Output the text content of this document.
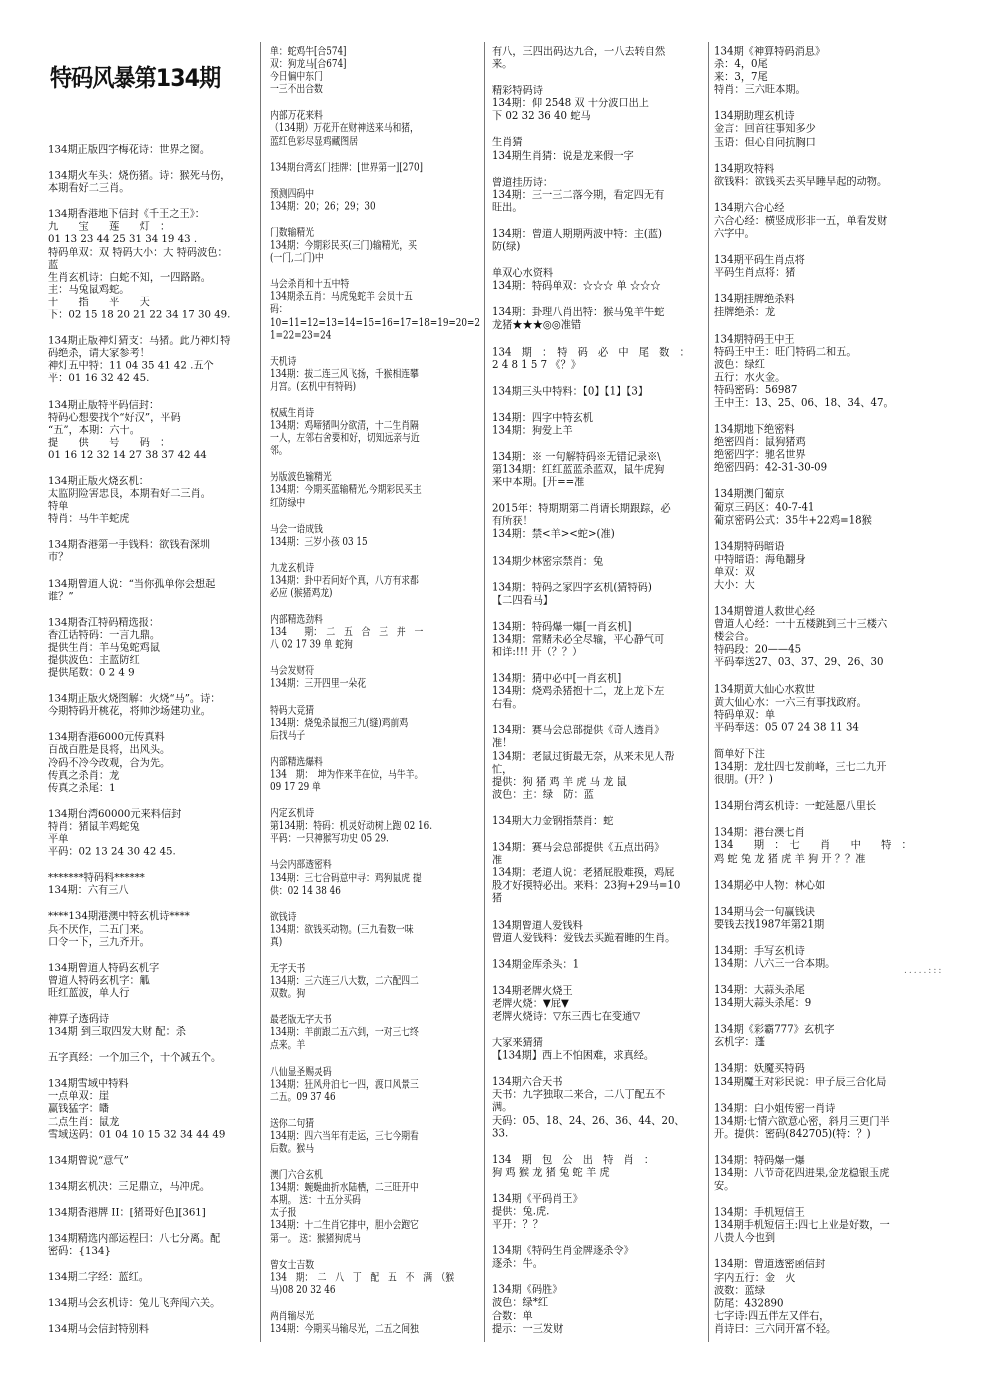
特码风暴第134期
.....:::
134期正版四字梅花诗：世界之窗。
134期火车头：烧伤猪。诗：猴死马伤，
本期看好二三肖。
134期香港地下信封《千王之王》：
九　　宝　　莲　　灯　：
01 13 23 44 25 31 34 19 43 .
特码单双：双 特码大小：大 特码波色：
蓝
生肖玄机诗：白蛇不知，一四路路。
主：马兔鼠鸡蛇。
十　　指　　平　　天
下：02 15 18 20 21 22 34 17 30 49.
134期正版神灯猜支：马猪。此乃神灯特
码绝杀，请大家参考！
神灯五中特：11 04 35 41 42 .五个
平：01 16 32 42 45.
134期正版特平码信封：
特码心想要找个“好汉”，平码
“五”，本期：六十。
提　　供　　号　　码　：
01 16 12 32 14 27 38 37 42 44
134期正版火烧玄机：
太监阴险害忠良，本期看好二三肖。
特单
特肖：马牛羊蛇虎
134期香港第一手钱料：欲钱看深圳
市？
134期曾道人说：“当你孤单你会想起
谁？”
134期香江特码精选报：
香江话特码：一言九鼎。
提供生肖：羊马兔蛇鸡鼠
提供波色：主蓝防红
提供尾数：0 2 4 9
134期正版火烧图解：火烧“马”。诗：
今期特码开桃花，将帅沙场建功业。
134期香港6000元传真料
百战百胜是良将，出风头。
冷码不冷今改观，合为先。
传真之杀肖：龙
传真之杀尾：1
134期台湾60000元来料信封
特肖：猪鼠羊鸡蛇兔
平单
平码：02 13 24 30 42 45.
*******特码料******
134期：六有三八
****134期港澳中特玄机诗****
兵不厌作，二五门来。
口令一下，三九齐开。
134期曾道人特码玄机字
曾道人特码玄机字：觚
旺红蓝波，单人行
神算子透码诗
134期 到三取四发大财 配：杀
五字真经：一个加三个，十个减五个。
134期雪域中特料
一点单双：崖
赢钱猛字：皤
二点生肖：鼠龙
雪域送码：01 04 10 15 32 34 44 49
134期曾说“意气”
134期玄机决：三足鼎立，马冲虎。
134期香港牌 II：[猪哥好色][361]
134期精选内部运程曰：八七分离。配
密码：{134}
134期二字经：蓝红。
134期马会玄机诗：兔儿飞奔闯六关。
134期马会信封特别料
单：蛇鸡牛[合574]
双：狗龙马[合674]
今日偏中东门
一三不出合数
内部万花来料
（134期）万花开在财神送来马和猪，
蓝红色彩尽显鸡藏图居
134期台湾玄门挂牌：[世界第一][270]
预测四码中
134期：20；26；29；30
门数输精光
134期：今期彩民买(三门)输精光，买
(一门,二门)中
马会杀肖和十五中特
134期杀五肖：马虎兔蛇羊 会员十五
码：
10=11=12=13=14=15=16=17=18=19=20=2
1=22=23=24
天机诗
134期：拔二连三风飞扬，千猴相连攀
月宫。(玄机中有特码)
权威生肖诗
134期：鸡啼猪叫分欲清，十二生肖隔
一人，左邻右舍要和好，切知远亲与近
邻。
另版波色输精光
134期：今期买蓝输精光,今期彩民买主
红防绿中
马会一语成钱
134期：三岁小孩 03 15
九龙玄机诗
134期：卦中若问好个真，八方有求都
必应 (猴猪鸡龙)
内部精选劲料
134　　期：　二　五　合　三　并　一
八 02 17 39 单 蛇狗
马会发财符
134期：三开四里一朵花
特码大竞猜
134期：烧兔杀鼠抱三九(缝)鸡前鸡
后找马子
内部精选爆料
134　期：　坤为作来羊在位，马牛羊。
09 17 29 单
内定玄机诗
第134期：特码：机灵好动树上跑 02 16.
平码：一只神猴写功史 05 29.
马会内部透密料
134期：三七合码意中寻：鸡狗鼠虎 提
供：02 14 38 46
欲钱诗
134期：欲钱买动物。(三九看数一味
真)
无字天书
134期：三六连三八大数，二六配四二
双数。狗
最老版无字天书
134期：羊前跟二五六到，一对三七终
点来。羊
八仙显圣赐灵码
134期：狂风舟泊七一四，渡口风景三
二五。09 37 46
送你二句猜
134期：四六当年有走运，三七今期看
后数。猴马
澳门六合玄机
134期：蜿蜒曲折水陆栖，二三旺开中
本期。 送：十五分买码
太子报
134期：十二生肖它排中，胆小会跑它
第一。 送：猴猪狗虎马
曾女士吉数
134　期：　二　八　丁　配　五　不　满　（猴
马)08 20 32 46
两肖输尽光
134期：今期买马输尽光，二五之间独
有八，三四出码达九合，一八去转自然
来。
精彩特码诗
134期：仰 2548 双 十分波口出上
下 02 32 36 40 蛇马
生肖猜
134期生肖猜：说是龙来假一字
曾道挂历诗：
134期：三一三二落今期，看定四无有
旺出。
134期：曾道人期期两波中特：主(蓝)
防(绿)
单双心水资料
134期：特码单双：☆☆☆ 单 ☆☆☆
134期：卦理八肖出特：猴马兔羊牛蛇
龙猪★★★◎◎准错
134　期　：　特　码　必　中　尾　数　：
2 4 8 1 5 7 《？》
134期三头中特料：【0】【1】【3】
134期：四字中特玄机
134期：狗爱上羊
134期：※ 一句解特码※无错记录※\
第134期：红红蓝蓝杀蓝双，鼠牛虎狗
来中本期。[开==准
2015年：特期期第二肖请长期跟踪，必
有所获！
134期：禁<羊><蛇>(准)
134期少林密宗禁肖：兔
134期：特码之家四字玄机(猜特码)
【二四看马】
134期：特码爆一爆[一肖玄机]
134期：常赌未必全尽输，平心静气可
和详:!!! 开（？？）
134期：猜中必中[一肖玄机]
134期：烧鸡杀猪抱十二，龙上龙下左
右看。
134期：赛马会总部提供《奇人透肖》
准！
134期：老鼠过街最无奈，从来未见人帮
忙，
提供：狗 猪 鸡 羊 虎 马 龙 鼠
波色：主：绿　防：蓝
134期大力金钢指禁肖：蛇
134期：赛马会总部提供《五点出码》
准
134期：老道人说：老猪屁股难摸，鸡屁
股才好摸特必出。来料：23狗+29马=10
猪
134期曾道人爱钱料
曾道人爱钱料：爱钱去买跪着睡的生肖。
134期金库杀头：1
134期老牌火烧王
老牌火烧：▼屁▼
老牌火烧诗：▽东三西七在变通▽
大家来猜猜
【134期】西上不怕困难，求真经。
134期六合天书
天书：九字独取二来合，二八丁配五不
满。
天码：05、18、24、26、36、44、20、
33.
134　期　包　公　出　特　肖　：
狗 鸡 猴 龙 猪 兔 蛇 羊 虎
134期《平码肖王》
提供：兔.虎.
平开：？？
134期《特码生肖金牌逐杀令》
逐杀：牛。
134期《码胜》
波色：绿*红
合数：单
提示：一三发财
134期《神算特码消息》
杀：4，0尾
来：3，7尾
特肖：三六旺本期。
134期助理玄机诗
金言：回首往事知多少
玉语：但心自问抗胸口
134期攻特料
欲钱料：欲钱买去买早睡早起的动物。
134期六合心经
六合心经：横竖成形非一五，单看发财
六字中。
134期平码生肖点将
平码生肖点将：猪
134期挂牌绝杀料
挂牌绝杀：龙
134期特码王中王
特码王中王：旺门特码二和五。
波色：绿红
五行：水火金。
特码密码：56987
王中王：13、25、06、18、34、47。
134期地下绝密料
绝密四肖：鼠狗猪鸡
绝密四字：驰名世界
绝密四码：42-31-30-09
134期澳门葡京
葡京三码区：40-7-41
葡京密码公式：35牛+22鸡=18猴
134期特码暗语
中特暗语：海龟翻身
单双：双
大小：大
134期曾道人救世心经
曾道人心经：一十五楼跳到三十三楼六
楼会合。
特码段：20——45
平码奉送27、03、37、29、26、30
134期黄大仙心水救世
黄大仙心水：一六三有事找政府。
特码单双：单
平码奉送：05 07 24 38 11 34
简单好下注
134期：龙壮四七发前峰，三七二九开
很朋。(开？)
134期台湾玄机诗：一蛇延愿八里长
134期：港台澳七肖
134　　期　：　七　　肖　　中　　特　：
鸡 蛇 兔 龙 猪 虎 羊 狗 开 ？？准
134期必中人物：林心如
134期马会一句赢钱诀
要钱去找1987年第21期
134期：手写玄机诗
134期：八六三一合本期。
134期：大蒜头杀尾
134期大蒜头杀尾：9
134期《彩霸777》玄机字
玄机字：蓬
134期：妖魔买特码
134期魔王对彩民说：申子辰三合化局
134期：白小姐传密一肖诗
134期:七情六欲意心密，斜月三更门半
开。提供：密码(842705)(特：？)
134期：特码爆一爆
134期：八节奇花四进果,金龙稳银玉虎
安。
134期：手机短信王
134期手机短信王:四七上业是好数，一
八贵人今也到
134期：曾道透密函信封
字内五行：金　火
波数：蓝绿
防尾：432890
七字诗:四五伴左又伴右，
肖诗曰：三六同开富不轻。
